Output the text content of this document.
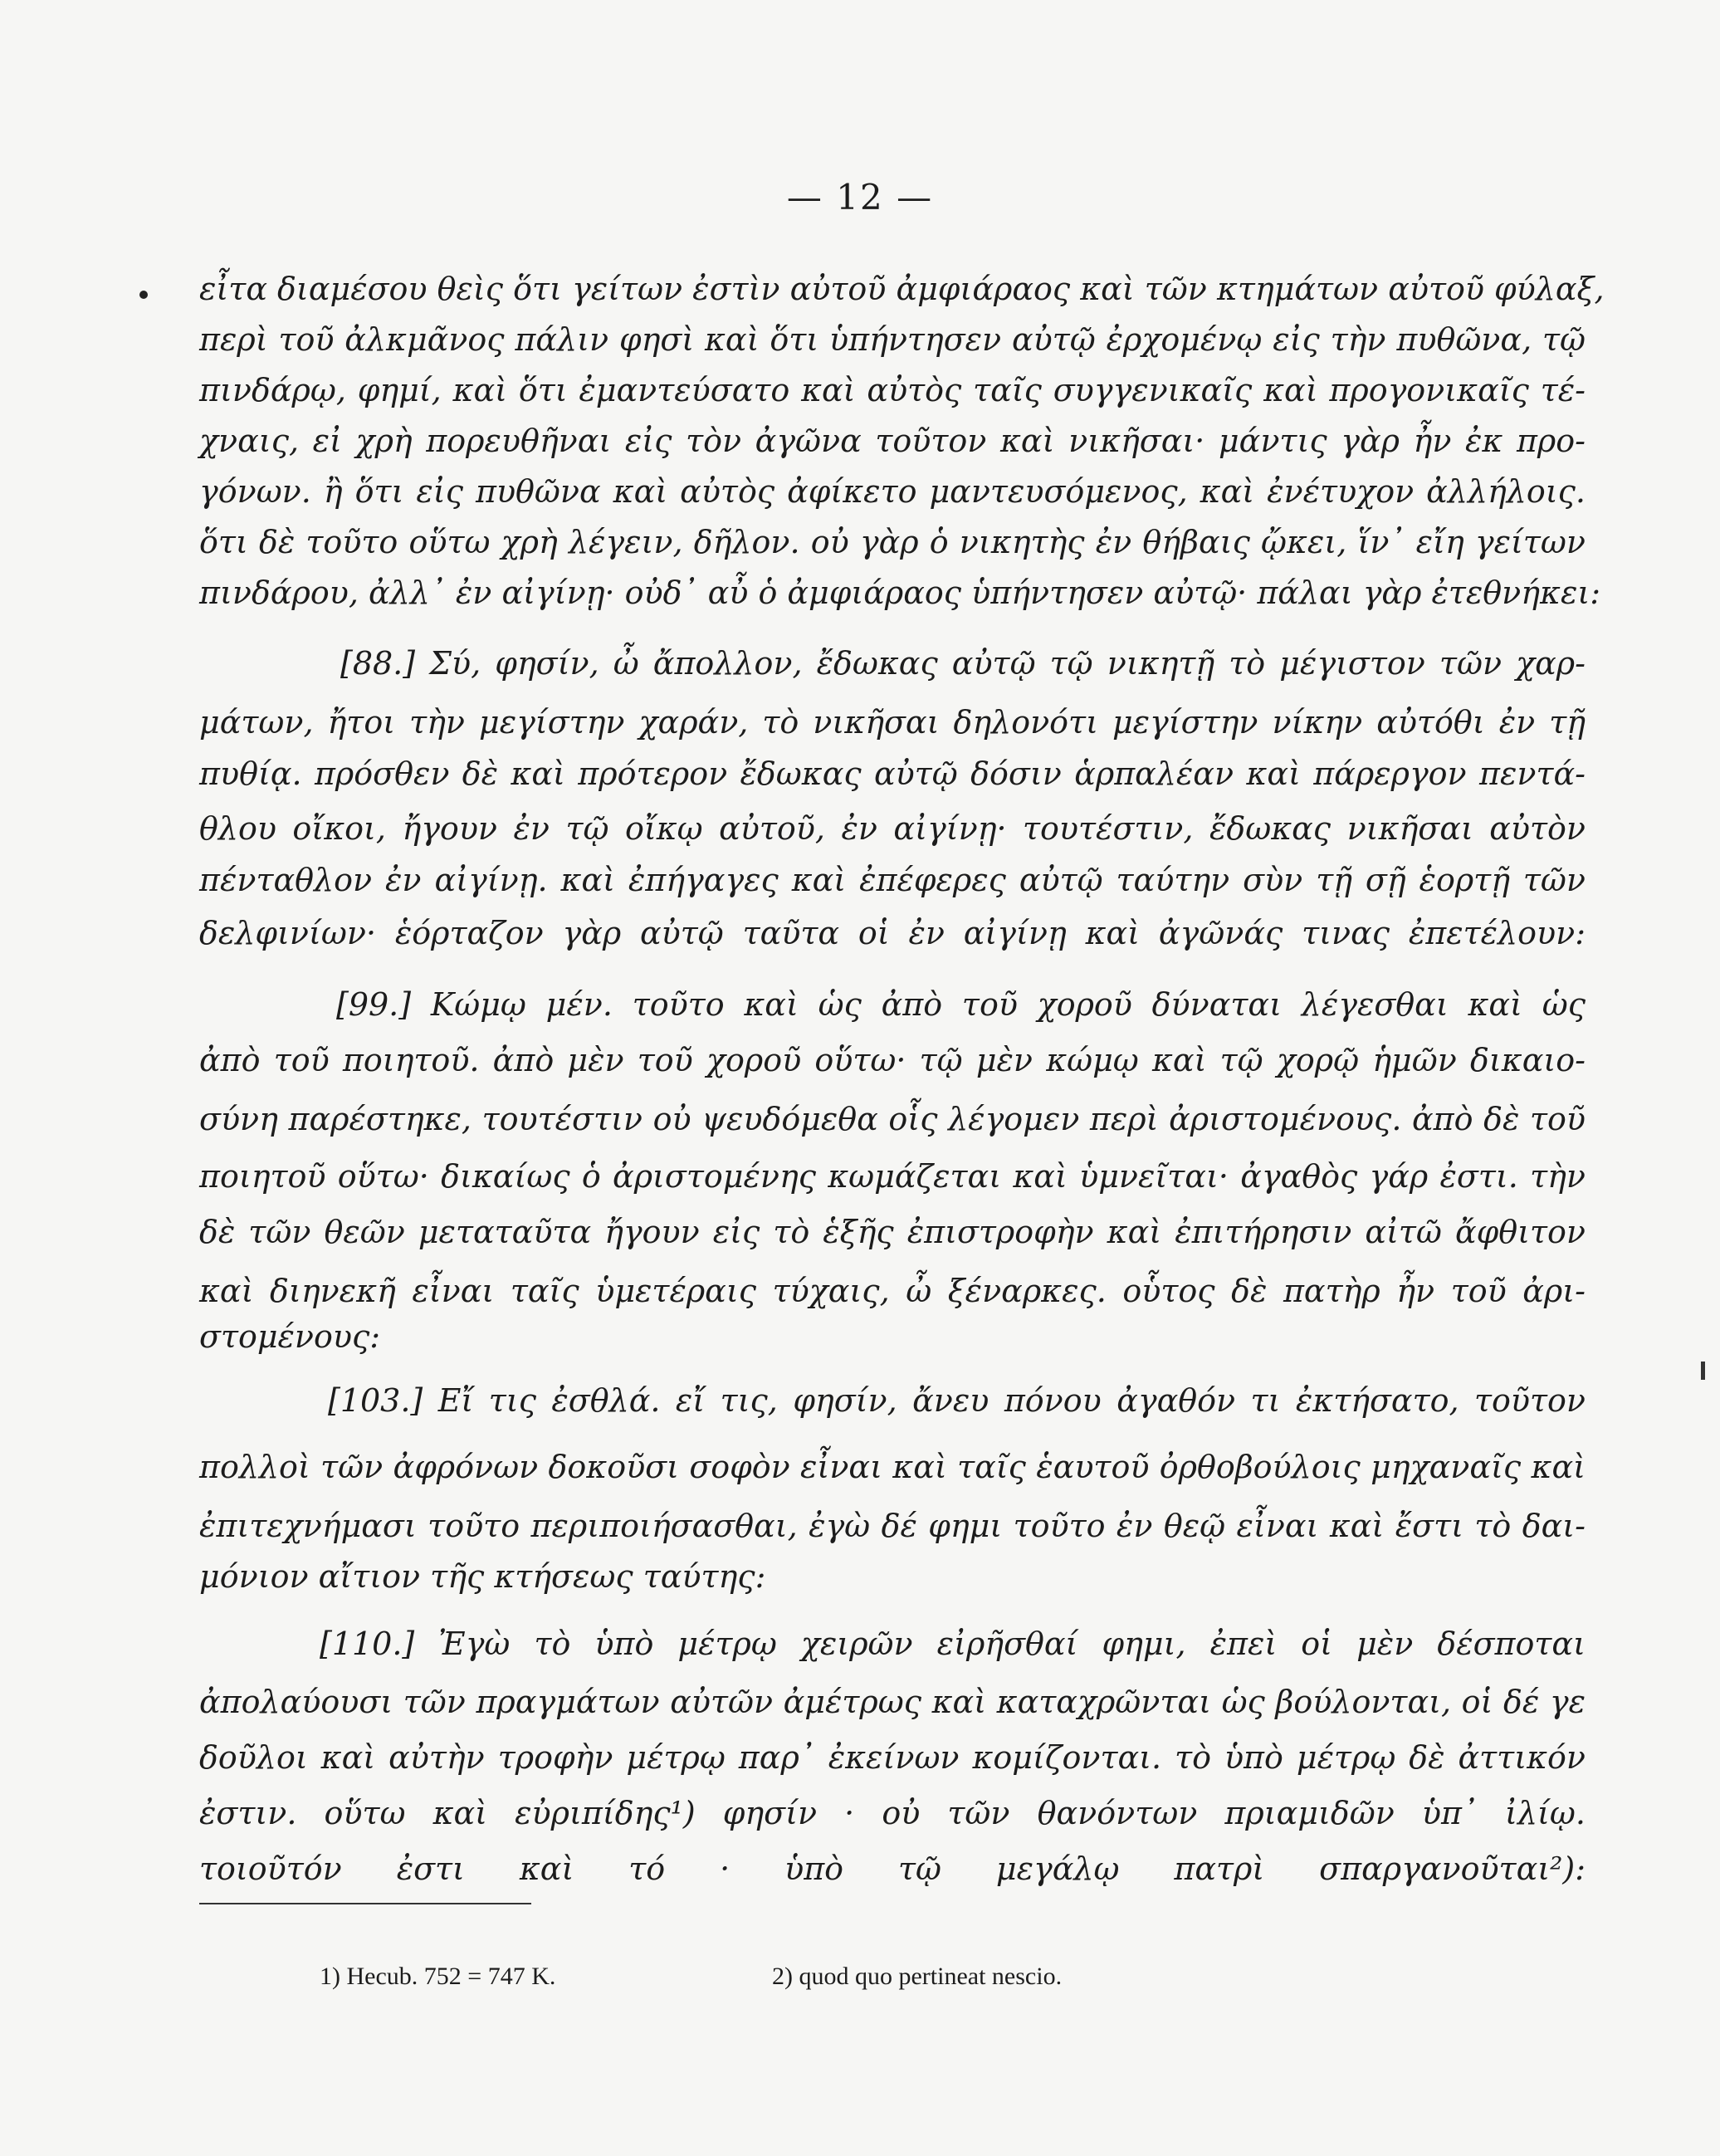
— 12 —
εἶτα διαμέσου θεὶς ὅτι γείτων ἐστὶν αὐτοῦ ἀμφιάραος καὶ τῶν κτημάτων αὐτοῦ φύλαξ,
περὶ τοῦ ἀλκμᾶνος πάλιν φησὶ καὶ ὅτι ὑπήντησεν αὐτῷ ἐρχομένῳ εἰς τὴν πυθῶνα, τῷ
πινδάρῳ, φημί, καὶ ὅτι ἐμαντεύσατο καὶ αὐτὸς ταῖς συγγενικαῖς καὶ προγονικαῖς τέ-
χναις, εἰ χρὴ πορευθῆναι εἰς τὸν ἀγῶνα τοῦτον καὶ νικῆσαι· μάντις γὰρ ἦν ἐκ προ-
γόνων. ἢ ὅτι εἰς πυθῶνα καὶ αὐτὸς ἀφίκετο μαντευσόμενος, καὶ ἐνέτυχον ἀλλήλοις.
ὅτι δὲ τοῦτο οὕτω χρὴ λέγειν, δῆλον. οὐ γὰρ ὁ νικητὴς ἐν θήβαις ᾤκει, ἵν᾽ εἴη γείτων
πινδάρου, ἀλλ᾽ ἐν αἰγίνῃ· οὐδ᾽ αὖ ὁ ἀμφιάραος ὑπήντησεν αὐτῷ· πάλαι γὰρ ἐτεθνήκει:
[88.] Σύ, φησίν, ὦ ἄπολλον, ἔδωκας αὐτῷ τῷ νικητῇ τὸ μέγιστον τῶν χαρ-
μάτων, ἤτοι τὴν μεγίστην χαράν, τὸ νικῆσαι δηλονότι μεγίστην νίκην αὐτόθι ἐν τῇ
πυθίᾳ. πρόσθεν δὲ καὶ πρότερον ἔδωκας αὐτῷ δόσιν ἁρπαλέαν καὶ πάρεργον πεντά-
θλου οἴκοι, ἤγουν ἐν τῷ οἴκῳ αὐτοῦ, ἐν αἰγίνῃ· τουτέστιν, ἔδωκας νικῆσαι αὐτὸν
πένταθλον ἐν αἰγίνῃ. καὶ ἐπήγαγες καὶ ἐπέφερες αὐτῷ ταύτην σὺν τῇ σῇ ἑορτῇ τῶν
δελφινίων· ἑόρταζον γὰρ αὐτῷ ταῦτα οἱ ἐν αἰγίνῃ καὶ ἀγῶνάς τινας ἐπετέλουν:
[99.] Κώμῳ μέν. τοῦτο καὶ ὡς ἀπὸ τοῦ χοροῦ δύναται λέγεσθαι καὶ ὡς
ἀπὸ τοῦ ποιητοῦ. ἀπὸ μὲν τοῦ χοροῦ οὕτω· τῷ μὲν κώμῳ καὶ τῷ χορῷ ἡμῶν δικαιο-
σύνη παρέστηκε, τουτέστιν οὐ ψευδόμεθα οἷς λέγομεν περὶ ἀριστομένους. ἀπὸ δὲ τοῦ
ποιητοῦ οὕτω· δικαίως ὁ ἀριστομένης κωμάζεται καὶ ὑμνεῖται· ἀγαθὸς γάρ ἐστι. τὴν
δὲ τῶν θεῶν μεταταῦτα ἤγουν εἰς τὸ ἑξῆς ἐπιστροφὴν καὶ ἐπιτήρησιν αἰτῶ ἄφθιτον
καὶ διηνεκῆ εἶναι ταῖς ὑμετέραις τύχαις, ὦ ξέναρκες. οὗτος δὲ πατὴρ ἦν τοῦ ἀρι-
στομένους:
[103.] Εἴ τις ἐσθλά. εἴ τις, φησίν, ἄνευ πόνου ἀγαθόν τι ἐκτήσατο, τοῦτον
πολλοὶ τῶν ἀφρόνων δοκοῦσι σοφὸν εἶναι καὶ ταῖς ἑαυτοῦ ὀρθοβούλοις μηχαναῖς καὶ
ἐπιτεχνήμασι τοῦτο περιποιήσασθαι, ἐγὼ δέ φημι τοῦτο ἐν θεῷ εἶναι καὶ ἔστι τὸ δαι-
μόνιον αἴτιον τῆς κτήσεως ταύτης:
[110.] Ἐγὼ τὸ ὑπὸ μέτρῳ χειρῶν εἰρῆσθαί φημι, ἐπεὶ οἱ μὲν δέσποται
ἀπολαύουσι τῶν πραγμάτων αὐτῶν ἀμέτρως καὶ καταχρῶνται ὡς βούλονται, οἱ δέ γε
δοῦλοι καὶ αὐτὴν τροφὴν μέτρῳ παρ᾽ ἐκείνων κομίζονται. τὸ ὑπὸ μέτρῳ δὲ ἀττικόν
ἐστιν. οὕτω καὶ εὐριπίδης¹) φησίν · οὐ τῶν θανόντων πριαμιδῶν ὑπ᾽ ἰλίῳ.
τοιοῦτόν ἐστι καὶ τό · ὑπὸ τῷ μεγάλῳ πατρὶ σπαργανοῦται²):
1) Hecub. 752 = 747 K.	2) quod quo pertineat nescio.
